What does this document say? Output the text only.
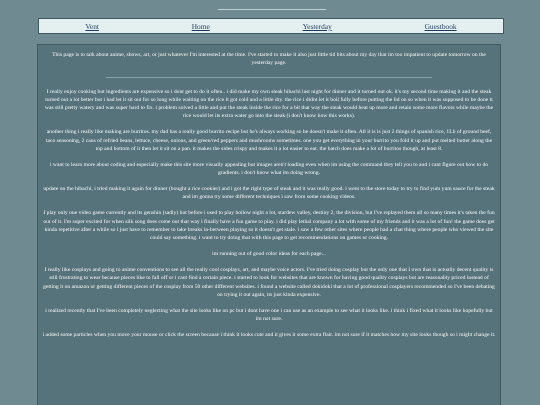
Vent	Home	Yesterday	Guestbook

This page is to talk about anime, shows, art, or just whatever I'm interested at the time. I've started to make it also just little tid bits about my day that im too impatient to update tomorrow on the yesterday page.

I really enjoy cooking but ingredients are expensive so i dont get to do it often.. i did make my own steak hibachi last night for dinner and it turned out ok. it's my second time making it and the steak turned out a lot better but i had let it sit out for so long while waiting on the rice it got cold and a little dry. the rice i didnt let it boil fully before putting the lid on so when it was supposed to be done it was still pretty watery and was super hard to fix. i problem solved a little and put the steak inside the rice for a bit that way the steak would heat up more and retain some more flavors while maybe the rice would let its extra water go into the steak (i don't know how this works).

another thing i really like making are burritos. my dad has a really good burrito recipe but he's always working so he doesn't make it often. All it is is just 2 things of spanish rice, 1Lb of ground beef, taco seasoning, 2 cans of refried beans, lettuce, cheese, onions, and green/red peppers and mushrooms sometimes. one you get everything in your burrito you fold it up and put melted butter along the top and bottom of it then let it sit on a pan. it makes the sides crispy and makes it a lot easier to eat. the batch does make a lot of burritos though, at least 8.

i want to learn more about coding and especially make this site more visually appealing but images aren't loading even when im using the command they tell you to and i cant figure out how to do gradients. i don't know what im doing wrong.

update on the hibachi, i tried making it again for dinner (bought a rice cookier) and i got the right type of steak and it was really good. i went to the store today to try to find yum yum sauce for the steak and im gonna try some different techniques i saw from some cooking videos.

I play only one video game currently and its genshin (sadly) but before i used to play hollow night a lot, stardew valley, destiny 2, the division, but I've replayed them all so many times it's taken the fun out of it. I'm super excited for when silk song does come out that way i finally have a fun game to play. i did play lethal company a lot with some of my friends and it was a lot of fun! the game does get kinda repetitive after a while so i just have to remember to take breaks in-between playing so it doesn't get stale. i saw a few other sites where people had a chat thing where people who viewed the site could say something. i want to try doing that with this page to get recommendations on games or cooking.

im running out of good color ideas for each page...

I really like cosplays and going to anime conventions to see all the really cool cosplays, art, and maybe voice actors. I've tried doing cosplay but the only one that I own that is actually decent quality is still frustrating to wear because pieces like to fall off or i cant find a certain piece. i started to look for websites that are known for having good quality cosplays but are reasonably priced instead of getting it on amazon or getting different pieces of the cosplay from 50 other different websites. i found a website called dokidoki that a lot of professional cosplayers recommended so I've been debating on trying it out again, its just kinda expensive.

i realized recently that I've been completely neglecting what the site looks like on pc but i dont have one i can use as an example to see what it looks like. i think i fixed what it looks like hopefully but im not sure.

i added some particles when you move your mouse or click the screen because i think it looks cute and it gives it some extra flair. im not sure if it matches how my site looks though so i might change it.
